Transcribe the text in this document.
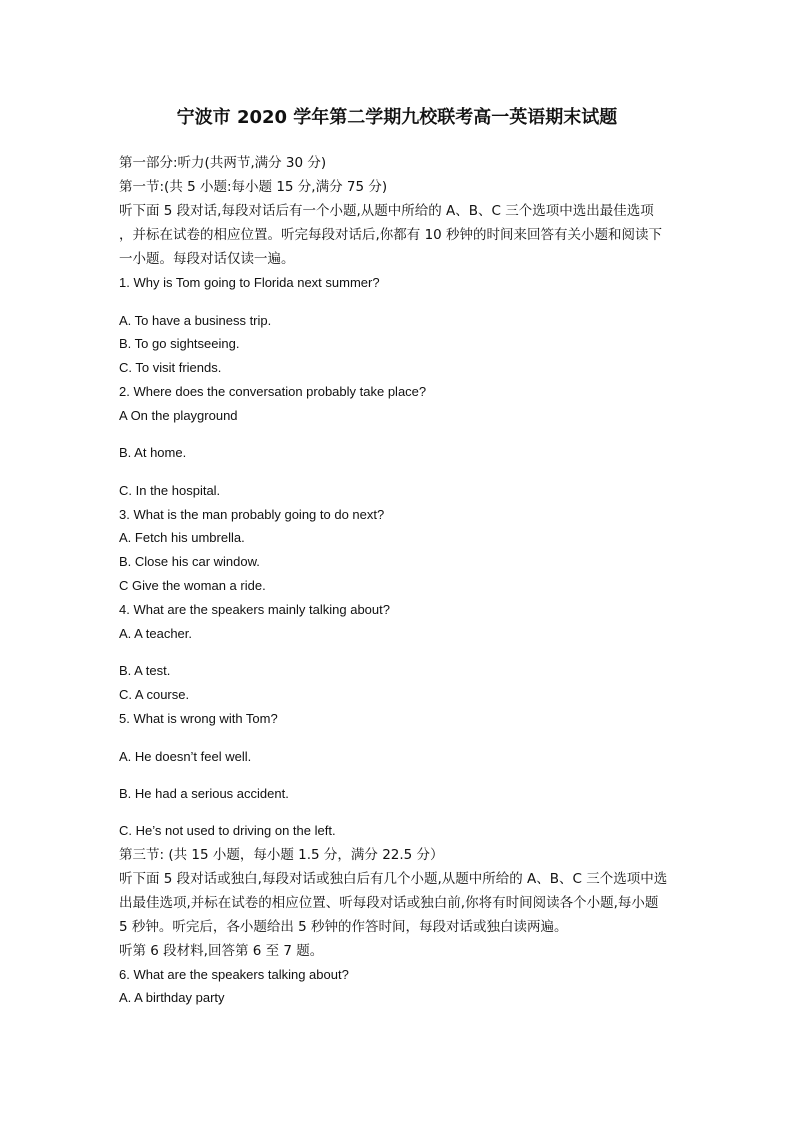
宁波市 2020 学年第二学期九校联考高一英语期末试题
第一部分:听力(共两节,满分 30 分)
第一节:(共 5 小题:每小题 15 分,满分 75 分)
听下面 5 段对话,每段对话后有一个小题,从题中所给的 A、B、C 三个选项中选出最佳选项
，并标在试卷的相应位置。听完每段对话后,你都有 10 秒钟的时间来回答有关小题和阅读下
一小题。每段对话仅读一遍。
1. Why is Tom going to Florida next summer?
A. To have a business trip.
B. To go sightseeing.
C. To visit friends.
2. Where does the conversation probably take place?
A On the playground
B. At home.
C. In the hospital.
3. What is the man probably going to do next?
A. Fetch his umbrella.
B. Close his car window.
C Give the woman a ride.
4. What are the speakers mainly talking about?
A. A teacher.
B. A test.
C. A course.
5. What is wrong with Tom?
A. He doesn’t feel well.
B. He had a serious accident.
C. He’s not used to driving on the left.
第三节: (共 15 小题，每小题 1.5 分，满分 22.5 分）
听下面 5 段对话或独白,每段对话或独白后有几个小题,从题中所给的 A、B、C 三个选项中选
出最佳选项,并标在试卷的相应位置、听每段对话或独白前,你将有时间阅读各个小题,每小题
5 秒钟。听完后，各小题给出 5 秒钟的作答时间，每段对话或独白读两遍。
听第 6 段材料,回答第 6 至 7 题。
6. What are the speakers talking about?
A. A birthday party
